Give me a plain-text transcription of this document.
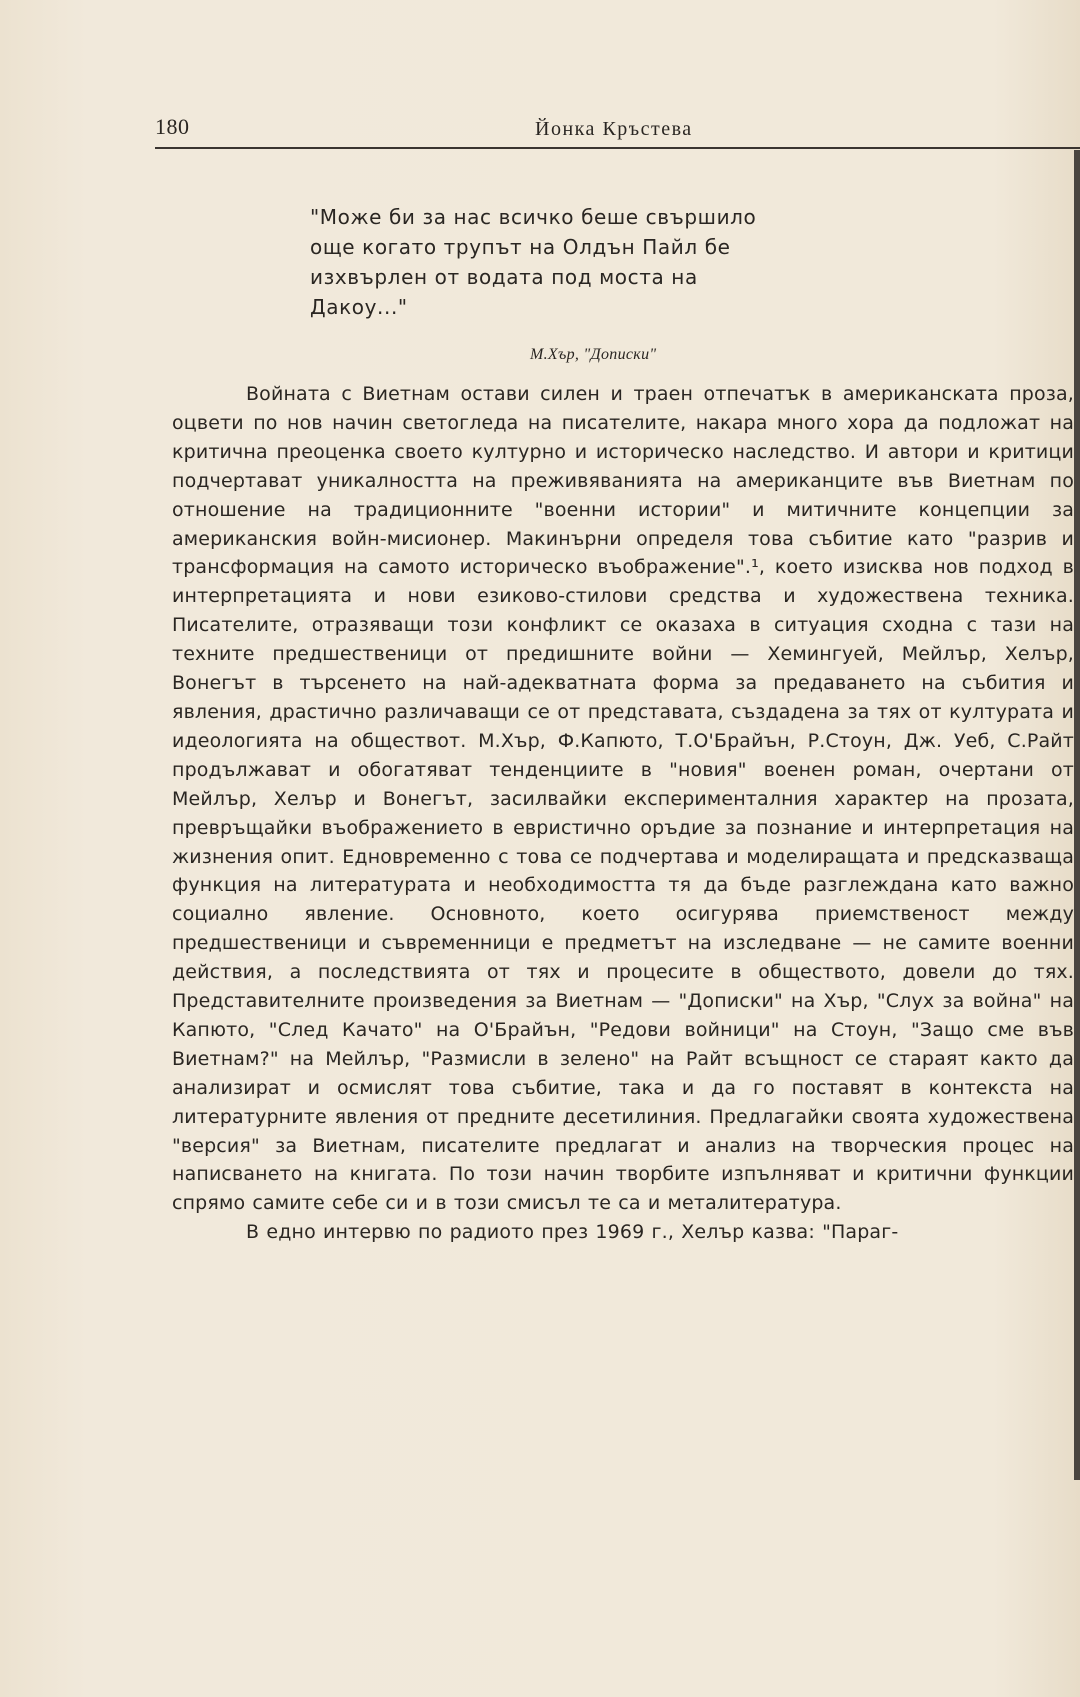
180	Йонка Кръстева
"Може би за нас всичко беше свършило
още когато трупът на Олдън Пайл бе
изхвърлен от водата под моста на
Дакоу..."
М.Хър, "Дописки"

Войната с Виетнам остави силен и траен отпечатък в американската проза, оцвети по нов начин светогледа на писателите, накара много хора да подложат на критична преоценка своето културно и историческо наследство. И автори и критици подчертават уникалността на преживяванията на американците във Виетнам по отношение на традиционните "военни истории" и митичните концепции за американския войн-мисионер. Макинърни определя това събитие като "разрив и трансформация на самото историческо въображение".¹, което изисква нов подход в интерпретацията и нови езиково-стилови средства и художествена техника. Писателите, отразяващи този конфликт се оказаха в ситуация сходна с тази на техните предшественици от предишните войни — Хемингуей, Мейлър, Хелър, Вонегът в търсенето на най-адекватната форма за предаването на събития и явления, драстично различаващи се от представата, създадена за тях от културата и идеологията на обществот. М.Хър, Ф.Капюто, Т.О'Брайън, Р.Стоун, Дж. Уеб, С.Райт продължават и обогатяват тенденциите в "новия" военен роман, очертани от Мейлър, Хелър и Вонегът, засилвайки експерименталния характер на прозата, превръщайки въображението в евристично оръдие за познание и интерпретация на жизнения опит. Едновременно с това се подчертава и моделиращата и предсказваща функция на литературата и необходимостта тя да бъде разглеждана като важно социално явление. Основното, което осигурява приемственост между предшественици и съвременници е предметът на изследване — не самите военни действия, а последствията от тях и процесите в обществото, довели до тях. Представителните произведения за Виетнам — "Дописки" на Хър, "Слух за война" на Капюто, "След Качато" на О'Брайън, "Редови войници" на Стоун, "Защо сме във Виетнам?" на Мейлър, "Размисли в зелено" на Райт всъщност се стараят както да анализират и осмислят това събитие, така и да го поставят в контекста на литературните явления от предните десетилиния. Предлагайки своята художествена "версия" за Виетнам, писателите предлагат и анализ на творческия процес на написването на книгата. По този начин творбите изпълняват и критични функции спрямо самите себе си и в този смисъл те са и металитература.

В едно интервю по радиото през 1969 г., Хелър казва: "Параг-
